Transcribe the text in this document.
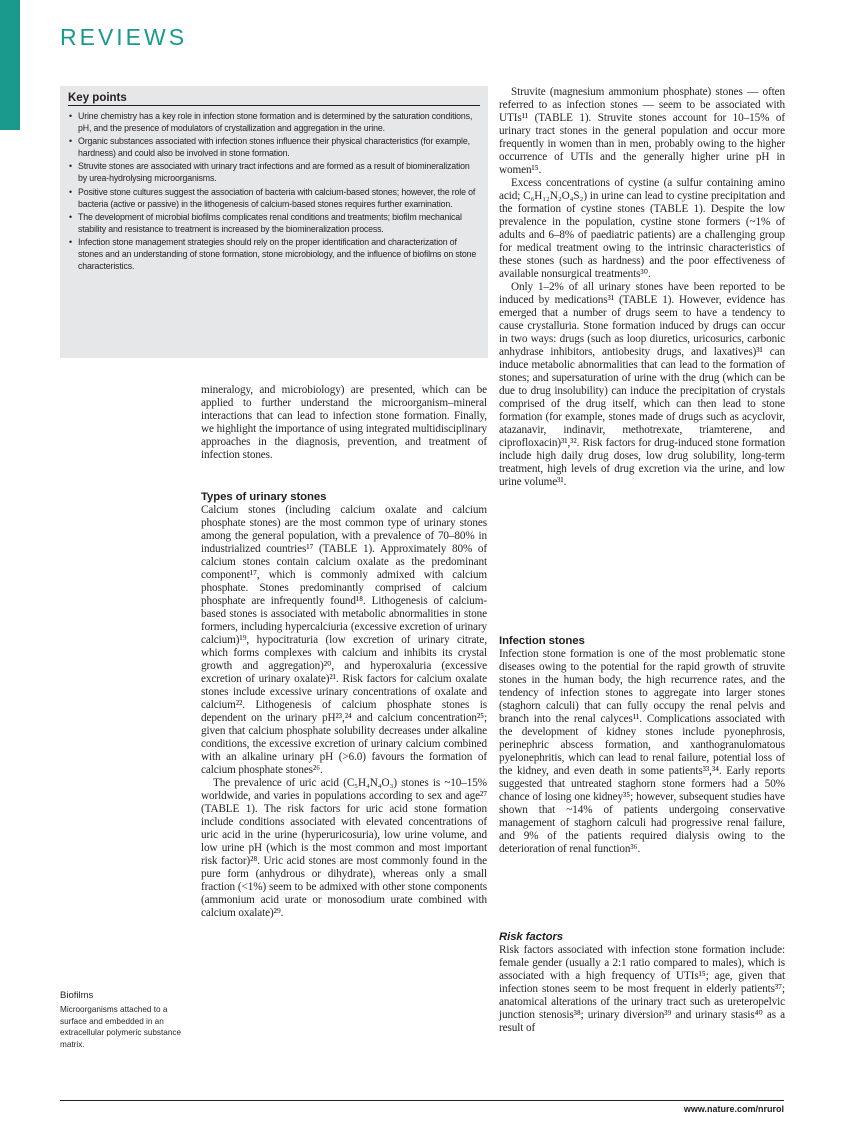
REVIEWS
Key points
• Urine chemistry has a key role in infection stone formation and is determined by the saturation conditions, pH, and the presence of modulators of crystallization and aggregation in the urine.
• Organic substances associated with infection stones influence their physical characteristics (for example, hardness) and could also be involved in stone formation.
• Struvite stones are associated with urinary tract infections and are formed as a result of biomineralization by urea-hydrolysing microorganisms.
• Positive stone cultures suggest the association of bacteria with calcium-based stones; however, the role of bacteria (active or passive) in the lithogenesis of calcium-based stones requires further examination.
• The development of microbial biofilms complicates renal conditions and treatments; biofilm mechanical stability and resistance to treatment is increased by the biomineralization process.
• Infection stone management strategies should rely on the proper identification and characterization of stones and an understanding of stone formation, stone microbiology, and the influence of biofilms on stone characteristics.

mineralogy, and microbiology) are presented, which can be applied to further understand the microorganism–mineral interactions that can lead to infection stone formation. Finally, we highlight the importance of using integrated multidisciplinary approaches in the diagnosis, prevention, and treatment of infection stones.

Types of urinary stones

Calcium stones (including calcium oxalate and calcium phosphate stones) are the most common type of urinary stones among the general population, with a prevalence of 70–80% in industrialized countries¹⁷ (TABLE 1). Approximately 80% of calcium stones contain calcium oxalate as the predominant component¹⁷, which is commonly admixed with calcium phosphate. Stones predominantly comprised of calcium phosphate are infrequently found¹⁸. Lithogenesis of calcium-based stones is associated with metabolic abnormalities in stone formers, including hypercalciuria (excessive excretion of urinary calcium)¹⁹, hypocitraturia (low excretion of urinary citrate, which forms complexes with calcium and inhibits its crystal growth and aggregation)²⁰, and hyperoxaluria (excessive excretion of urinary oxalate)²¹. Risk factors for calcium oxalate stones include excessive urinary concentrations of oxalate and calcium²². Lithogenesis of calcium phosphate stones is dependent on the urinary pH²³,²⁴ and calcium concentration²⁵; given that calcium phosphate solubility decreases under alkaline conditions, the excessive excretion of urinary calcium combined with an alkaline urinary pH (>6.0) favours the formation of calcium phosphate stones²⁶.

The prevalence of uric acid (C₅H₄N₄O₃) stones is ~10–15% worldwide, and varies in populations according to sex and age²⁷ (TABLE 1). The risk factors for uric acid stone formation include conditions associated with elevated concentrations of uric acid in the urine (hyperuricosuria), low urine volume, and low urine pH (which is the most common and most important risk factor)²⁸. Uric acid stones are most commonly found in the pure form (anhydrous or dihydrate), whereas only a small fraction (<1%) seem to be admixed with other stone components (ammonium acid urate or monosodium urate combined with calcium oxalate)²⁹.

Struvite (magnesium ammonium phosphate) stones — often referred to as infection stones — seem to be associated with UTIs¹¹ (TABLE 1). Struvite stones account for 10–15% of urinary tract stones in the general population and occur more frequently in women than in men, probably owing to the higher occurrence of UTIs and the generally higher urine pH in women¹⁵.

Excess concentrations of cystine (a sulfur containing amino acid; C₆H₁₂N₂O₄S₂) in urine can lead to cystine precipitation and the formation of cystine stones (TABLE 1). Despite the low prevalence in the population, cystine stone formers (~1% of adults and 6–8% of paediatric patients) are a challenging group for medical treatment owing to the intrinsic characteristics of these stones (such as hardness) and the poor effectiveness of available nonsurgical treatments³⁰.

Only 1–2% of all urinary stones have been reported to be induced by medications³¹ (TABLE 1). However, evidence has emerged that a number of drugs seem to have a tendency to cause crystalluria. Stone formation induced by drugs can occur in two ways: drugs (such as loop diuretics, uricosurics, carbonic anhydrase inhibitors, antiobesity drugs, and laxatives)³¹ can induce metabolic abnormalities that can lead to the formation of stones; and supersaturation of urine with the drug (which can be due to drug insolubility) can induce the precipitation of crystals comprised of the drug itself, which can then lead to stone formation (for example, stones made of drugs such as acyclovir, atazanavir, indinavir, methotrexate, triamterene, and ciprofloxacin)³¹,³². Risk factors for drug-induced stone formation include high daily drug doses, low drug solubility, long-term treatment, high levels of drug excretion via the urine, and low urine volume³¹.

Infection stones

Infection stone formation is one of the most problematic stone diseases owing to the potential for the rapid growth of struvite stones in the human body, the high recurrence rates, and the tendency of infection stones to aggregate into larger stones (staghorn calculi) that can fully occupy the renal pelvis and branch into the renal calyces¹¹. Complications associated with the development of kidney stones include pyonephrosis, perinephric abscess formation, and xanthogranulomatous pyelonephritis, which can lead to renal failure, potential loss of the kidney, and even death in some patients³³,³⁴. Early reports suggested that untreated staghorn stone formers had a 50% chance of losing one kidney³⁵; however, subsequent studies have shown that ~14% of patients undergoing conservative management of staghorn calculi had progressive renal failure, and 9% of the patients required dialysis owing to the deterioration of renal function³⁶.

Risk factors

Risk factors associated with infection stone formation include: female gender (usually a 2:1 ratio compared to males), which is associated with a high frequency of UTIs¹⁵; age, given that infection stones seem to be most frequent in elderly patients³⁷; anatomical alterations of the urinary tract such as ureteropelvic junction stenosis³⁸; urinary diversion³⁹ and urinary stasis⁴⁰ as a result of

Biofilms
Microorganisms attached to a surface and embedded in an extracellular polymeric substance matrix.
www.nature.com/nrurol
